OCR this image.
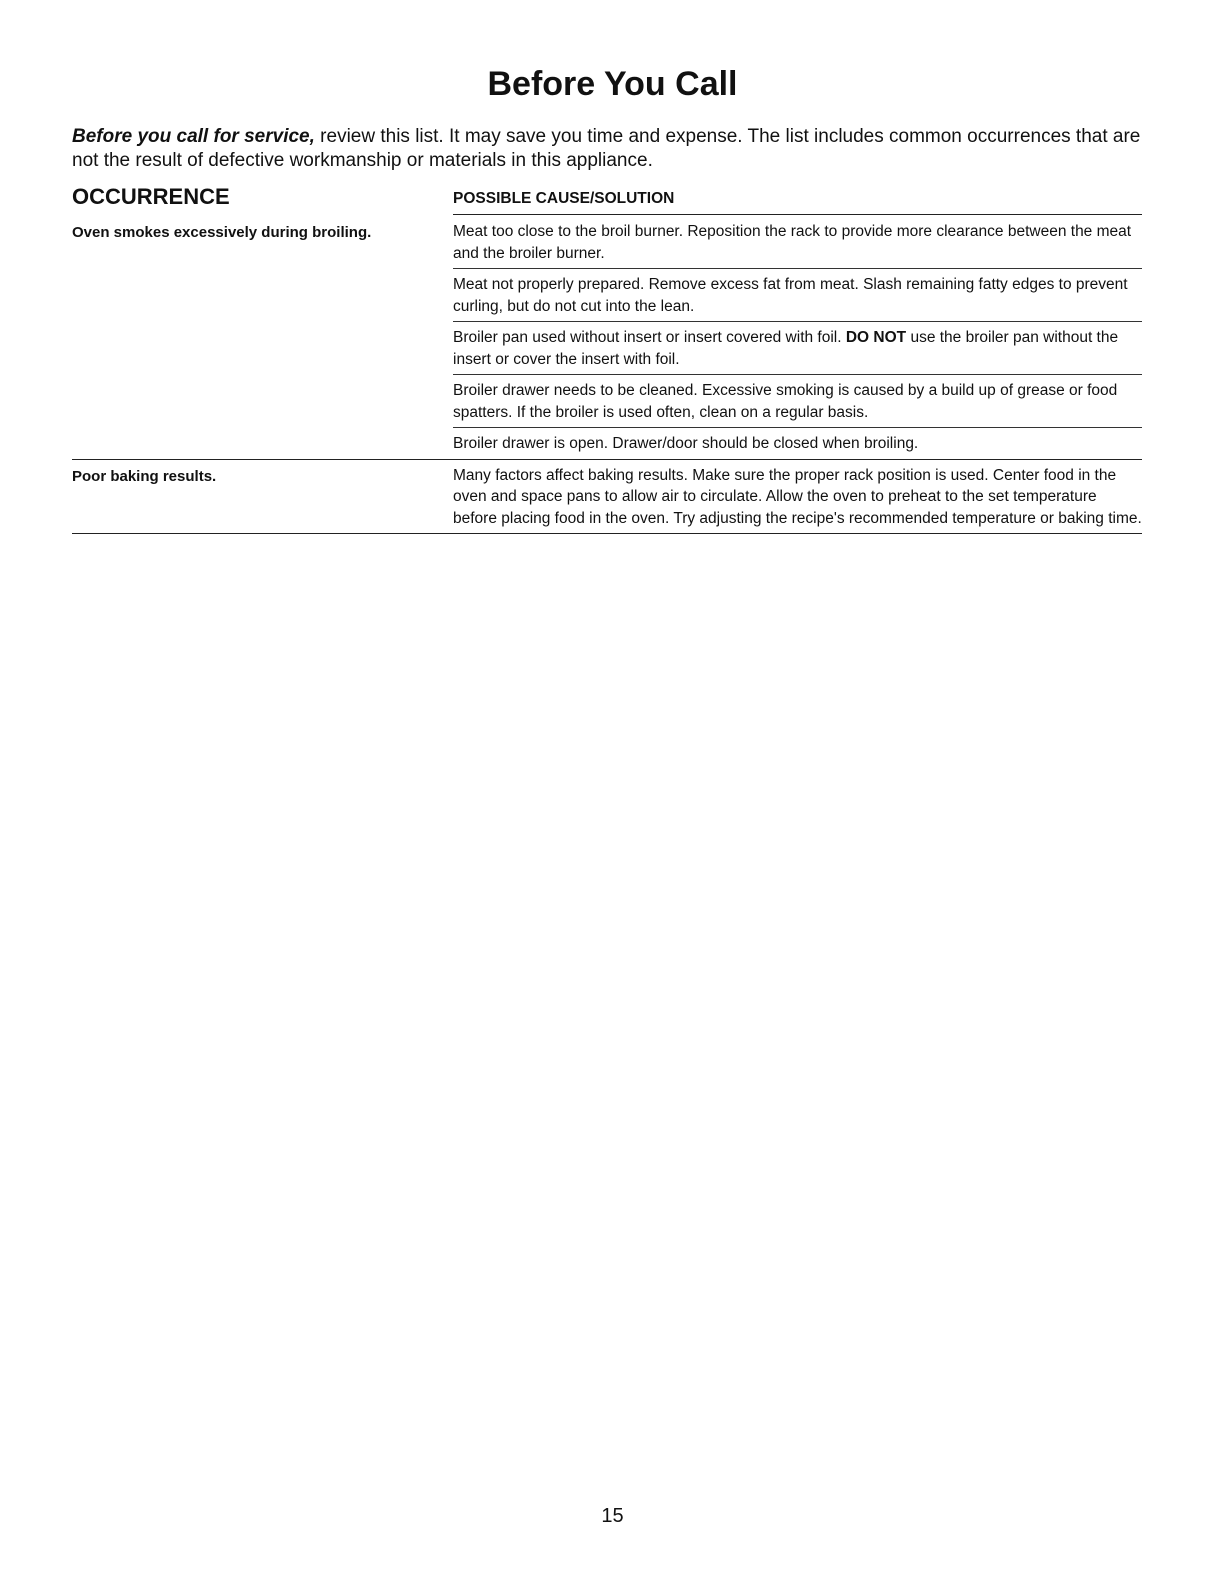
Before You Call
Before you call for service, review this list. It may save you time and expense. The list includes common occurrences that are not the result of defective workmanship or materials in this appliance.
OCCURRENCE	POSSIBLE CAUSE/SOLUTION
Oven smokes excessively during broiling.	Meat too close to the broil burner. Reposition the rack to provide more clearance between the meat and the broiler burner.
Meat not properly prepared. Remove excess fat from meat. Slash remaining fatty edges to prevent curling, but do not cut into the lean.
Broiler pan used without insert or insert covered with foil. DO NOT use the broiler pan without the insert or cover the insert with foil.
Broiler drawer needs to be cleaned. Excessive smoking is caused by a build up of grease or food spatters. If the broiler is used often, clean on a regular basis.
Broiler drawer is open. Drawer/door should be closed when broiling.
Poor baking results.	Many factors affect baking results. Make sure the proper rack position is used. Center food in the oven and space pans to allow air to circulate. Allow the oven to preheat to the set temperature before placing food in the oven. Try adjusting the recipe's recommended temperature or baking time.
15
